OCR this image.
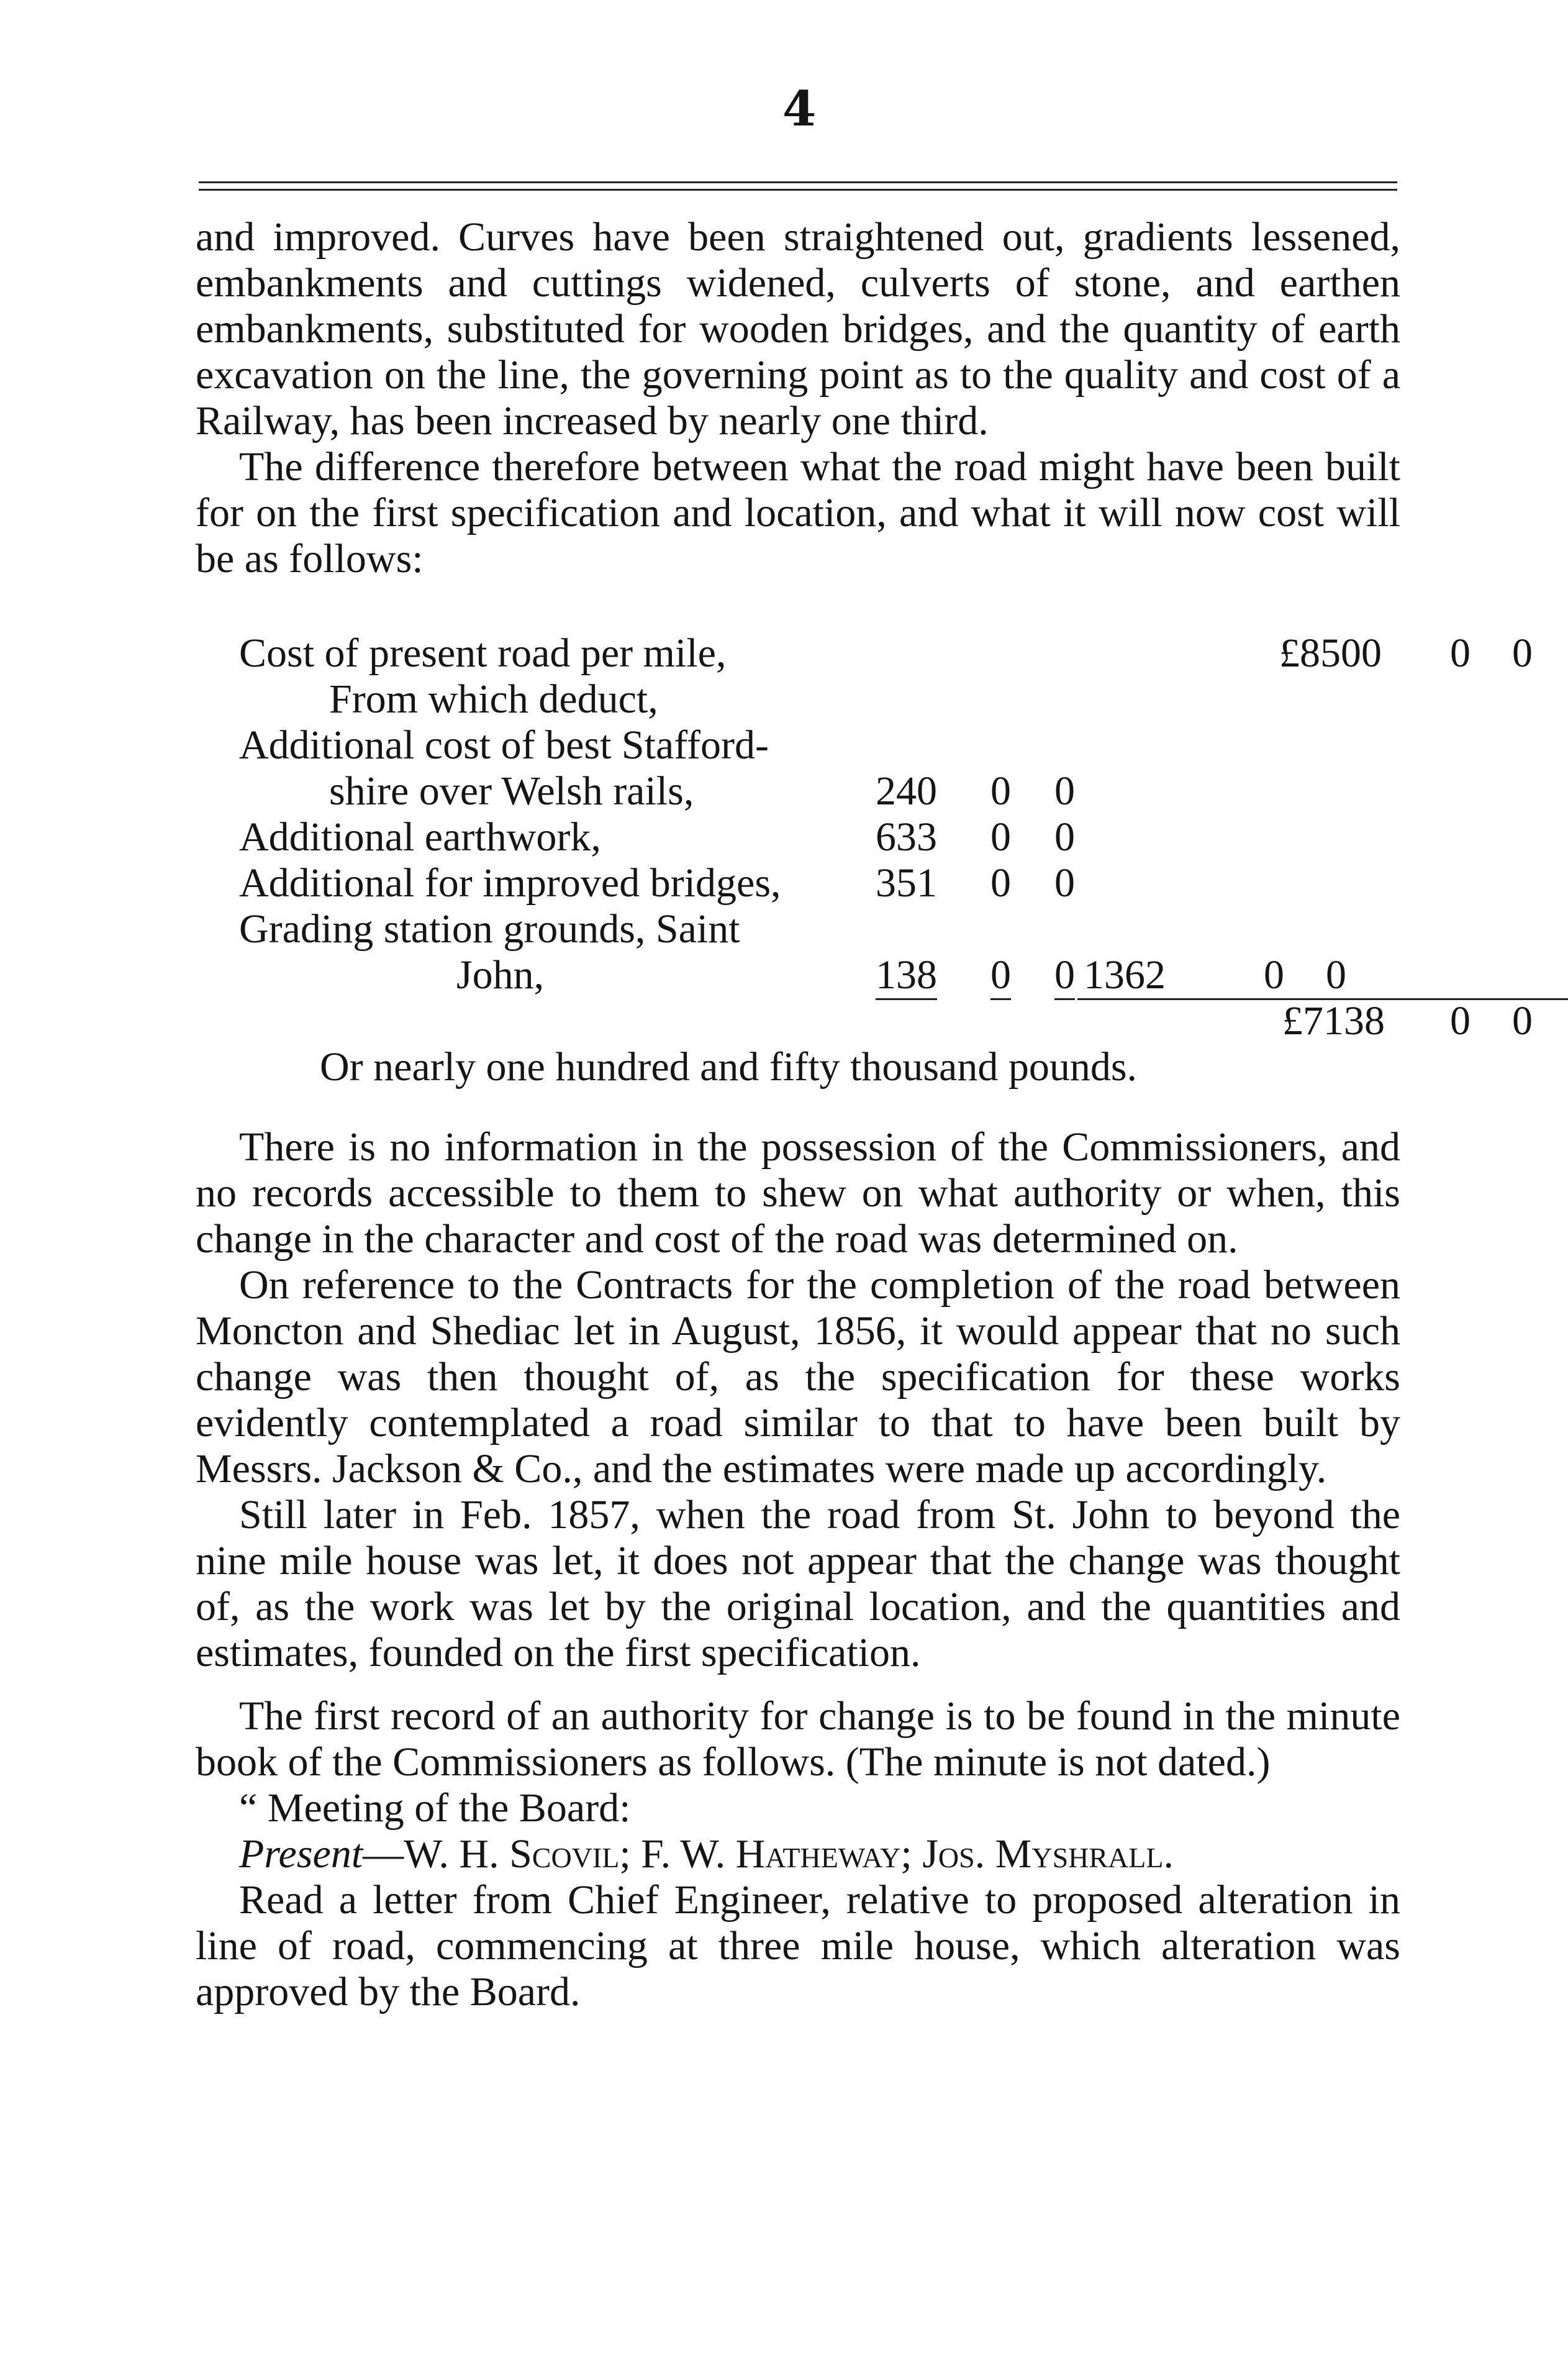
4

and improved. Curves have been straightened out, gradients lessened, embankments and cuttings widened, culverts of stone, and earthen embankments, substituted for wooden bridges, and the quantity of earth excavation on the line, the governing point as to the quality and cost of a Railway, has been increased by nearly one third.

The difference therefore between what the road might have been built for on the first specification and location, and what it will now cost will be as follows:

Cost of present road per mile,	£8500 0 0
From which deduct,
Additional cost of best Stafford-
shire over Welsh rails,	240 0 0
Additional earthwork,	633 0 0
Additional for improved bridges, 351 0 0
Grading station grounds, Saint
John,	138 0 0 1362 0 0
£7138 0 0
Or nearly one hundred and fifty thousand pounds.

There is no information in the possession of the Commissioners, and no records accessible to them to shew on what authority or when, this change in the character and cost of the road was determined on.

On reference to the Contracts for the completion of the road between Moncton and Shediac let in August, 1856, it would appear that no such change was then thought of, as the specification for these works evidently contemplated a road similar to that to have been built by Messrs. Jackson & Co., and the estimates were made up accordingly.

Still later in Feb. 1857, when the road from St. John to beyond the nine mile house was let, it does not appear that the change was thought of, as the work was let by the original location, and the quantities and estimates, founded on the first specification.

The first record of an authority for change is to be found in the minute book of the Commissioners as follows. (The minute is not dated.)

“ Meeting of the Board:

Present—W. H. Scovil; F. W. Hatheway; Jos. Myshrall.

Read a letter from Chief Engineer, relative to proposed alteration in line of road, commencing at three mile house, which alteration was approved by the Board.
